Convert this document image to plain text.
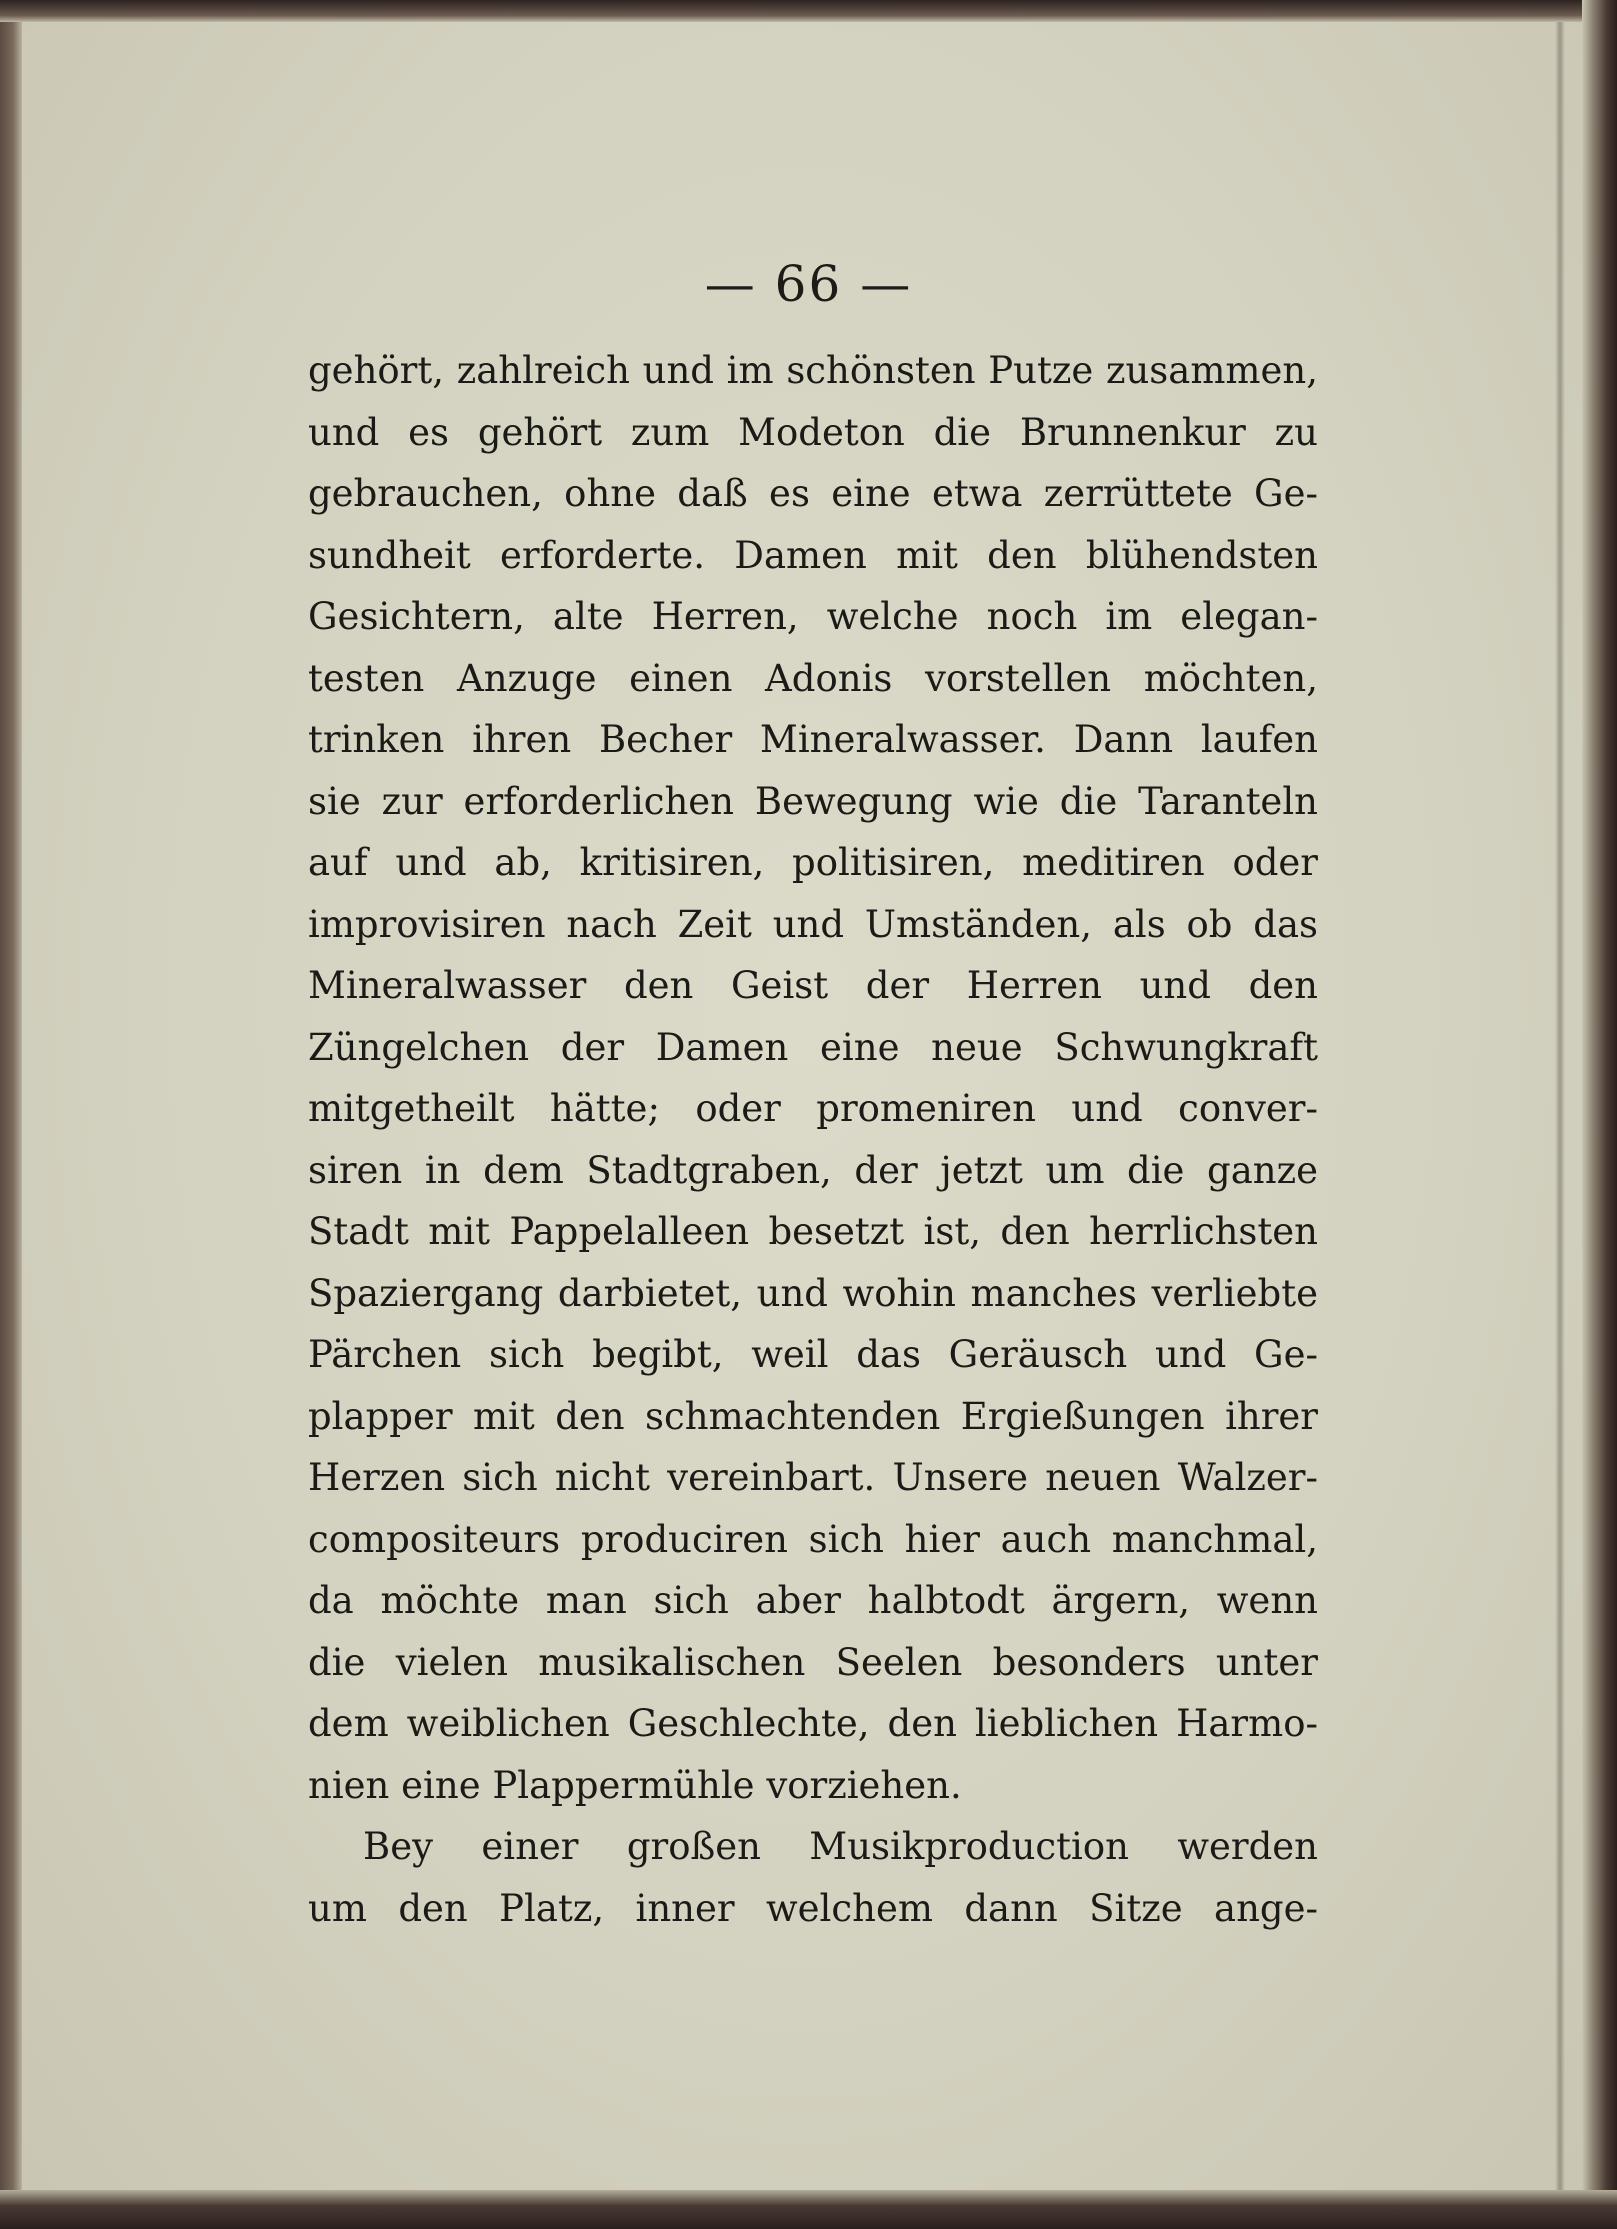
— 66 —
gehört, zahlreich und im schönsten Putze zusammen,
und es gehört zum Modeton die Brunnenkur zu
gebrauchen, ohne daß es eine etwa zerrüttete Ge-
sundheit erforderte. Damen mit den blühendsten
Gesichtern, alte Herren, welche noch im elegan-
testen Anzuge einen Adonis vorstellen möchten,
trinken ihren Becher Mineralwasser. Dann laufen
sie zur erforderlichen Bewegung wie die Taranteln
auf und ab, kritisiren, politisiren, meditiren oder
improvisiren nach Zeit und Umständen, als ob das
Mineralwasser den Geist der Herren und den
Züngelchen der Damen eine neue Schwungkraft
mitgetheilt hätte; oder promeniren und conver-
siren in dem Stadtgraben, der jetzt um die ganze
Stadt mit Pappelalleen besetzt ist, den herrlichsten
Spaziergang darbietet, und wohin manches verliebte
Pärchen sich begibt, weil das Geräusch und Ge-
plapper mit den schmachtenden Ergießungen ihrer
Herzen sich nicht vereinbart. Unsere neuen Walzer-
compositeurs produciren sich hier auch manchmal,
da möchte man sich aber halbtodt ärgern, wenn
die vielen musikalischen Seelen besonders unter
dem weiblichen Geschlechte, den lieblichen Harmo-
nien eine Plappermühle vorziehen.
Bey einer großen Musikproduction werden
um den Platz, inner welchem dann Sitze ange-
